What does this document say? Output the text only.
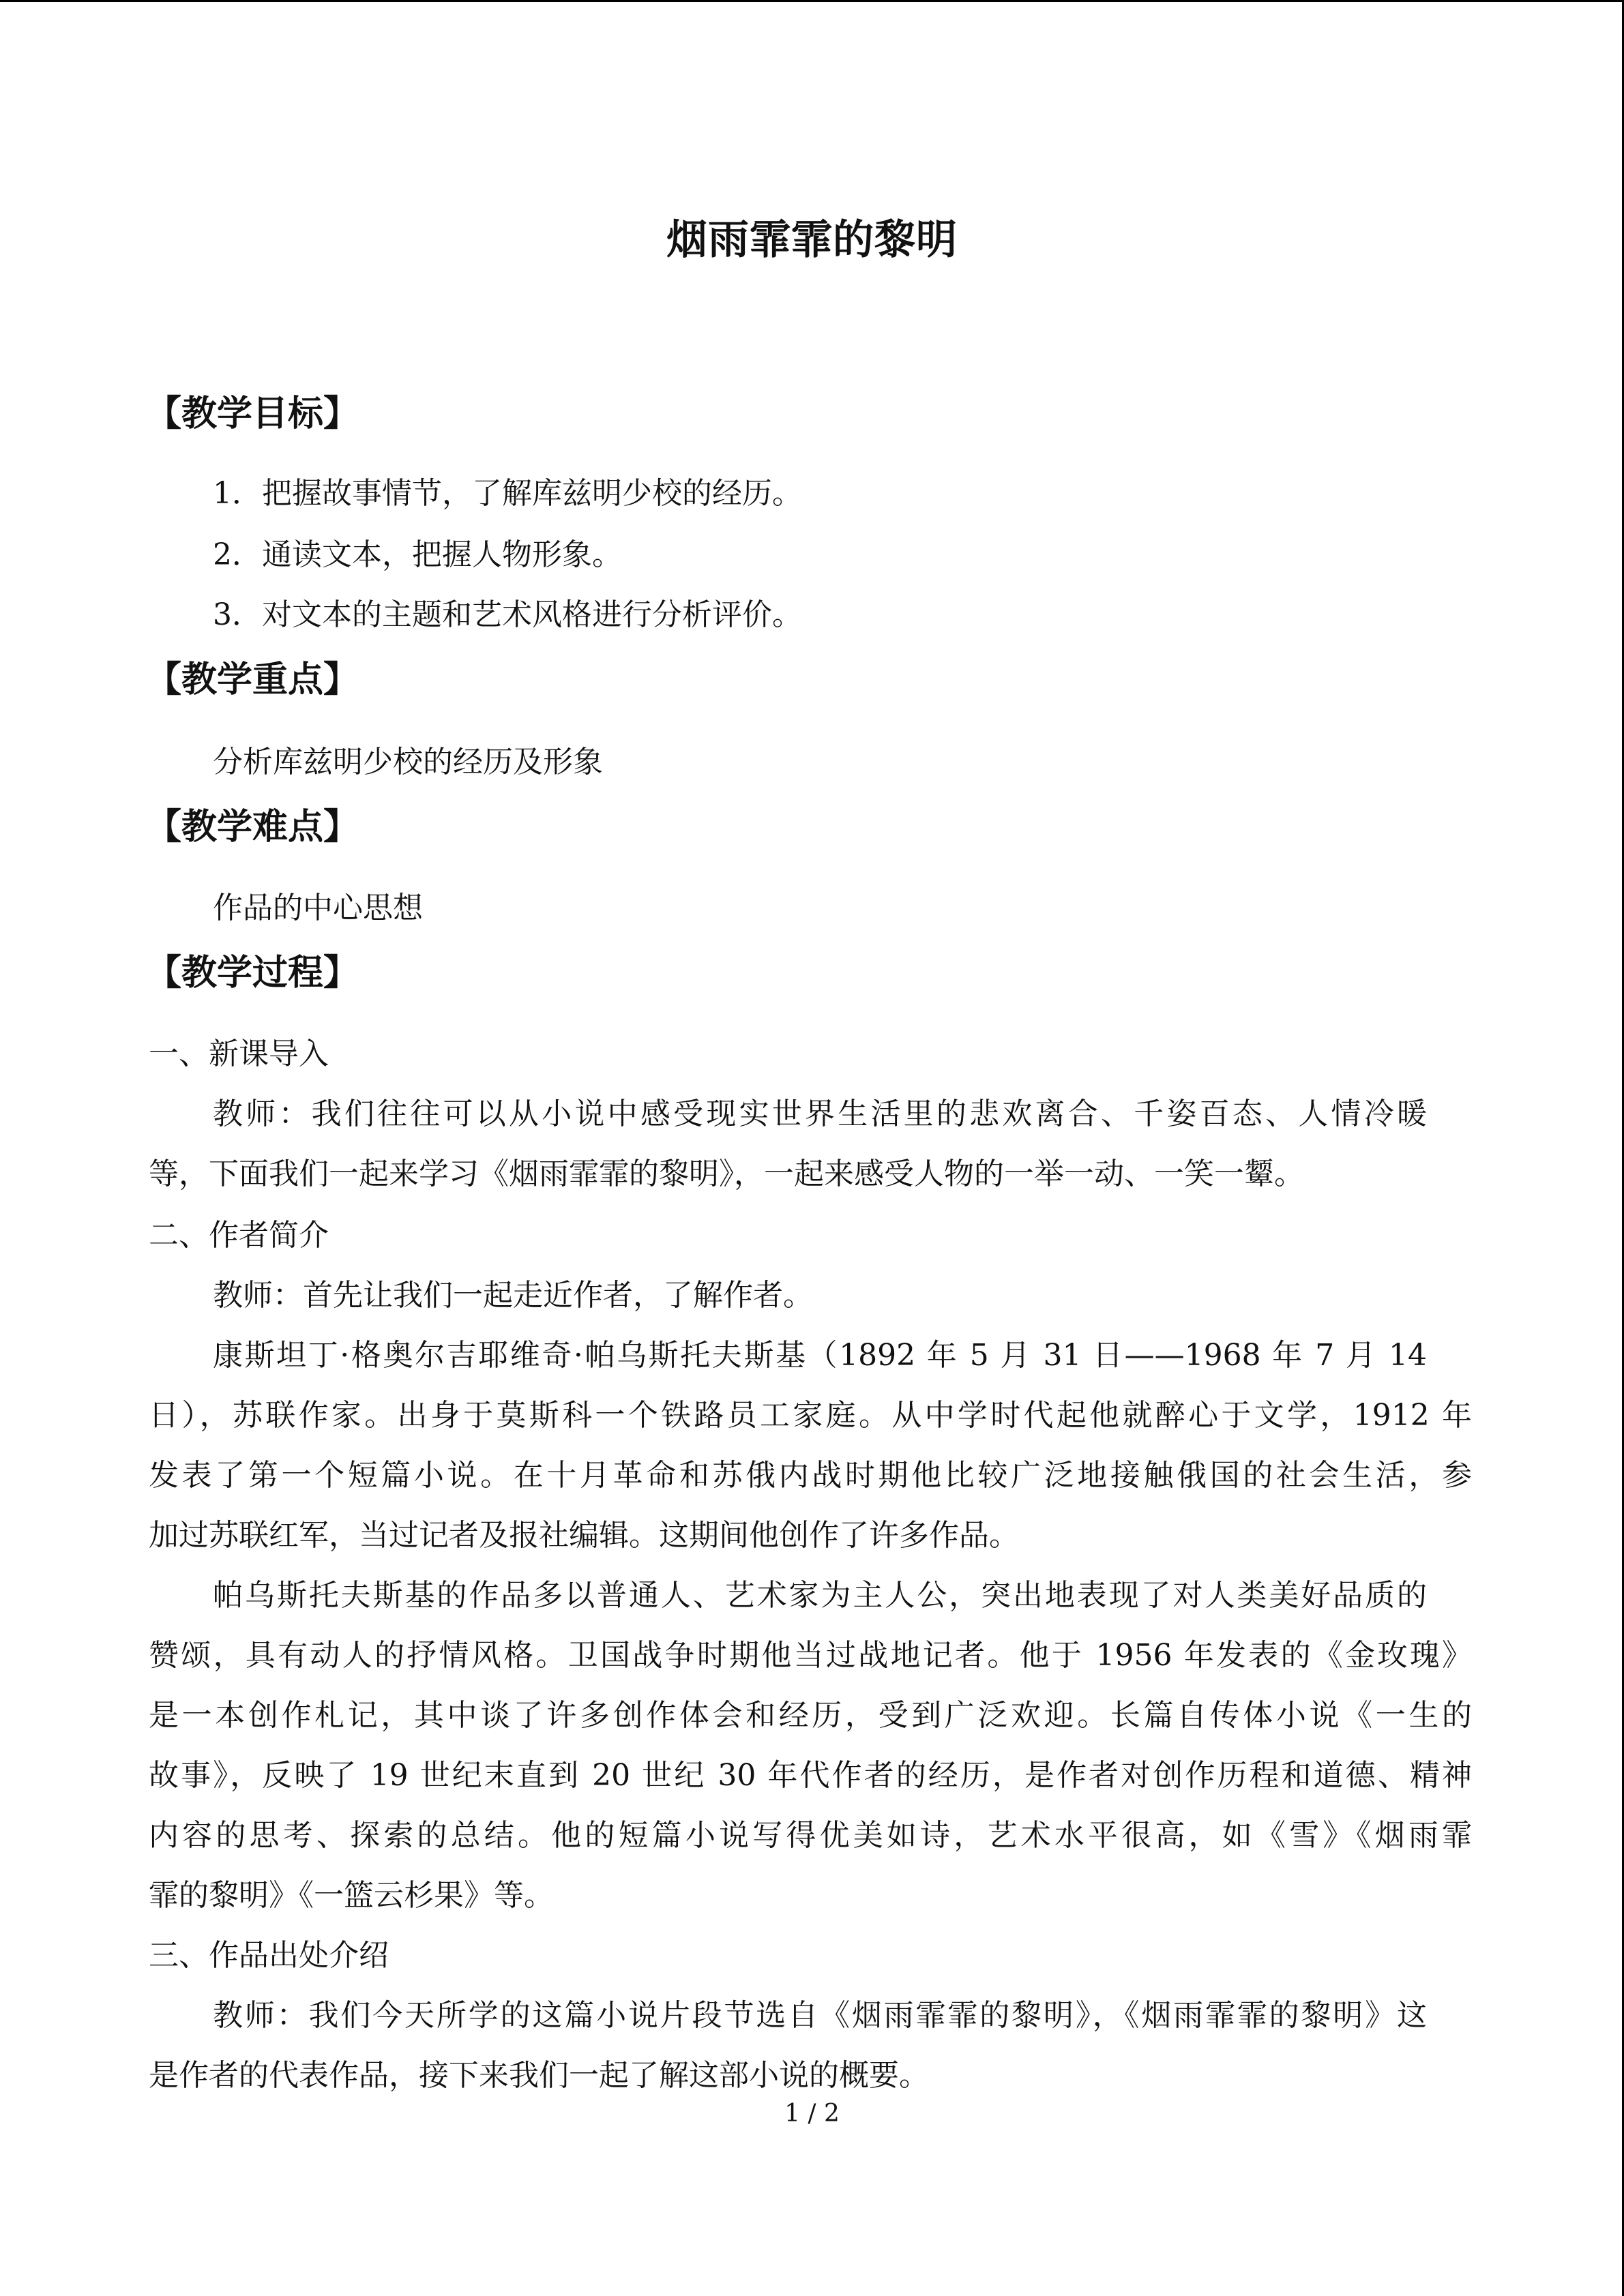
烟雨霏霏的黎明
【教学目标】
1．把握故事情节，了解库兹明少校的经历。
2．通读文本，把握人物形象。
3．对文本的主题和艺术风格进行分析评价。
【教学重点】
分析库兹明少校的经历及形象
【教学难点】
作品的中心思想
【教学过程】
一、新课导入
教师：我们往往可以从小说中感受现实世界生活里的悲欢离合、千姿百态、人情冷暖
等，下面我们一起来学习《烟雨霏霏的黎明》，一起来感受人物的一举一动、一笑一颦。
二、作者简介
教师：首先让我们一起走近作者，了解作者。
康斯坦丁·格奥尔吉耶维奇·帕乌斯托夫斯基（1892 年 5 月 31 日——1968 年 7 月 14
日），苏联作家。出身于莫斯科一个铁路员工家庭。从中学时代起他就醉心于文学，1912 年
发表了第一个短篇小说。在十月革命和苏俄内战时期他比较广泛地接触俄国的社会生活，参
加过苏联红军，当过记者及报社编辑。这期间他创作了许多作品。
帕乌斯托夫斯基的作品多以普通人、艺术家为主人公，突出地表现了对人类美好品质的
赞颂，具有动人的抒情风格。卫国战争时期他当过战地记者。他于 1956 年发表的《金玫瑰》
是一本创作札记，其中谈了许多创作体会和经历，受到广泛欢迎。长篇自传体小说《一生的
故事》，反映了 19 世纪末直到 20 世纪 30 年代作者的经历，是作者对创作历程和道德、精神
内容的思考、探索的总结。他的短篇小说写得优美如诗，艺术水平很高，如《雪》《烟雨霏
霏的黎明》《一篮云杉果》等。
三、作品出处介绍
教师：我们今天所学的这篇小说片段节选自《烟雨霏霏的黎明》，《烟雨霏霏的黎明》这
是作者的代表作品，接下来我们一起了解这部小说的概要。
1 / 2
